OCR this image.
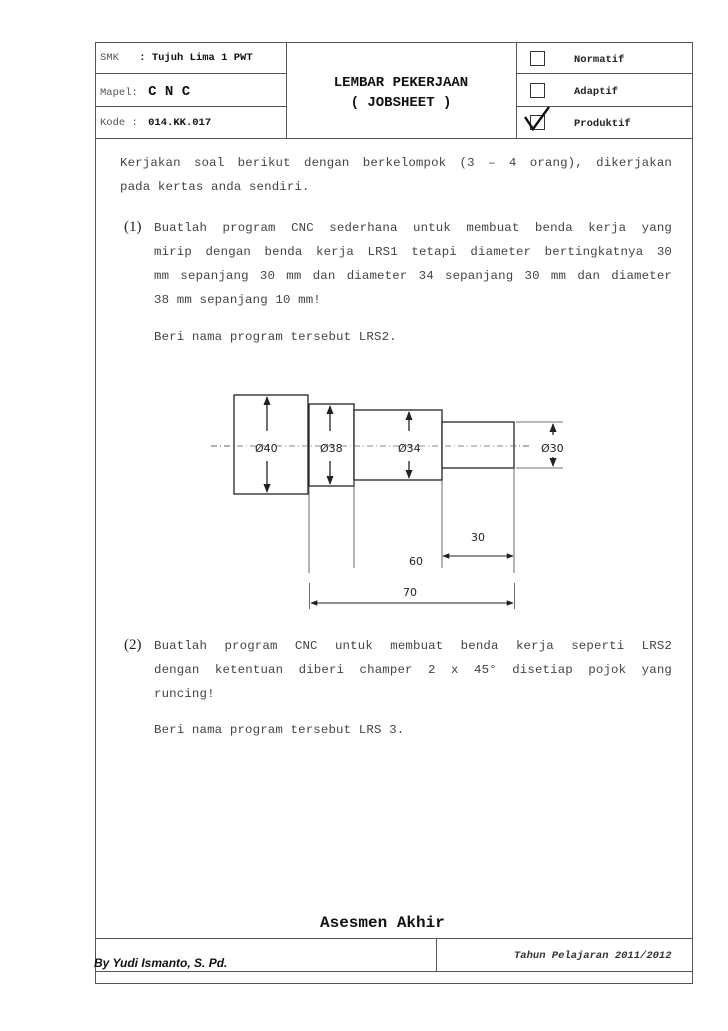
SMK : Tujuh Lima 1 PWT
Mapel: C N C
Kode : 014.KK.017
LEMBAR PEKERJAAN
( JOBSHEET )
Normatif
Adaptif
Produktif
Kerjakan soal berikut dengan berkelompok (3 – 4 orang), dikerjakan
pada kertas anda sendiri.
(1) Buatlah program CNC sederhana untuk membuat benda kerja yang
mirip dengan benda kerja LRS1 tetapi diameter bertingkatnya 30
mm sepanjang 30 mm dan diameter 34 sepanjang 30 mm dan diameter
38 mm sepanjang 10 mm!
Beri nama program tersebut LRS2.
Ø40	Ø38	Ø34	Ø30
30
60
70
(2) Buatlah program CNC untuk membuat benda kerja seperti LRS2
dengan ketentuan diberi champer 2 x 45° disetiap pojok yang
runcing!
Beri nama program tersebut LRS 3.
Asesmen Akhir
By Yudi Ismanto, S. Pd.	Tahun Pelajaran 2011/2012
